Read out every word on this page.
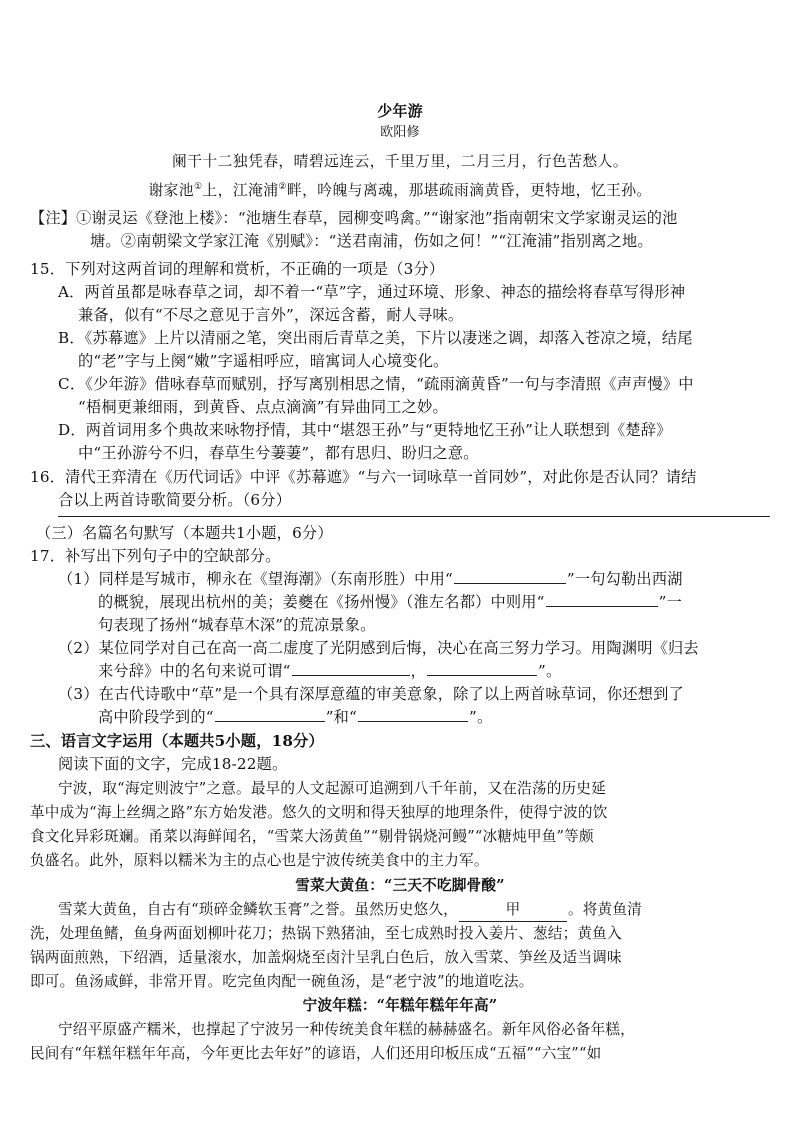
少年游
欧阳修
阑干十二独凭春，晴碧远连云，千里万里，二月三月，行色苦愁人。
谢家池①上，江淹浦②畔，吟魄与离魂，那堪疏雨滴黄昏，更特地，忆王孙。
【注】①谢灵运《登池上楼》：“池塘生春草，园柳变鸣禽。”“谢家池”指南朝宋文学家谢灵运的池
塘。②南朝梁文学家江淹《别赋》：“送君南浦，伤如之何！”“江淹浦”指别离之地。
15．下列对这两首词的理解和赏析，不正确的一项是（3分）
A．两首虽都是咏春草之词，却不着一“草”字，通过环境、形象、神态的描绘将春草写得形神
兼备，似有“不尽之意见于言外”，深远含蓄，耐人寻味。
B．《苏幕遮》上片以清丽之笔，突出雨后青草之美，下片以凄迷之调，却落入苍凉之境，结尾
的“老”字与上阕“嫩”字遥相呼应，暗寓词人心境变化。
C．《少年游》借咏春草而赋别，抒写离别相思之情，“疏雨滴黄昏”一句与李清照《声声慢》中
“梧桐更兼细雨，到黄昏、点点滴滴”有异曲同工之妙。
D．两首词用多个典故来咏物抒情，其中“堪怨王孙”与“更特地忆王孙”让人联想到《楚辞》
中“王孙游兮不归，春草生兮萋萋”，都有思归、盼归之意。
16．清代王弈清在《历代词话》中评《苏幕遮》“与六一词咏草一首同妙”，对此你是否认同？请结
合以上两首诗歌简要分析。（6分）
（三）名篇名句默写（本题共1小题，6分）
17．补写出下列句子中的空缺部分。
（1）同样是写城市，柳永在《望海潮》（东南形胜）中用“	”一句勾勒出西湖
的概貌，展现出杭州的美；姜夔在《扬州慢》（淮左名都）中则用“	”一
句表现了扬州“城春草木深”的荒凉景象。
（2）某位同学对自己在高一高二虚度了光阴感到后悔，决心在高三努力学习。用陶渊明《归去
来兮辞》中的名句来说可谓“	，	”。
（3）在古代诗歌中“草”是一个具有深厚意蕴的审美意象，除了以上两首咏草词，你还想到了
高中阶段学到的“	”和“	”。
三、语言文字运用（本题共5小题，18分）
阅读下面的文字，完成18-22题。
宁波，取“海定则波宁”之意。最早的人文起源可追溯到八千年前，又在浩荡的历史延
革中成为“海上丝绸之路”东方始发港。悠久的文明和得天独厚的地理条件，使得宁波的饮
食文化异彩斑斓。甬菜以海鲜闻名，“雪菜大汤黄鱼”“剔骨锅烧河鳗”“冰糖炖甲鱼”等颇
负盛名。此外，原料以糯米为主的点心也是宁波传统美食中的主力军。
雪菜大黄鱼：“三天不吃脚骨酸”
雪菜大黄鱼，自古有“琐碎金鳞软玉膏”之誉。虽然历史悠久，	甲	。将黄鱼清
洗，处理鱼鳍，鱼身两面划柳叶花刀；热锅下熟猪油，至七成熟时投入姜片、葱结；黄鱼入
锅两面煎熟，下绍酒，适量滚水，加盖焖烧至卤汁呈乳白色后，放入雪菜、笋丝及适当调味
即可。鱼汤咸鲜，非常开胃。吃完鱼肉配一碗鱼汤，是“老宁波”的地道吃法。
宁波年糕：“年糕年糕年年高”
宁绍平原盛产糯米，也撑起了宁波另一种传统美食年糕的赫赫盛名。新年风俗必备年糕，
民间有“年糕年糕年年高，今年更比去年好”的谚语，人们还用印板压成“五福”“六宝”“如
